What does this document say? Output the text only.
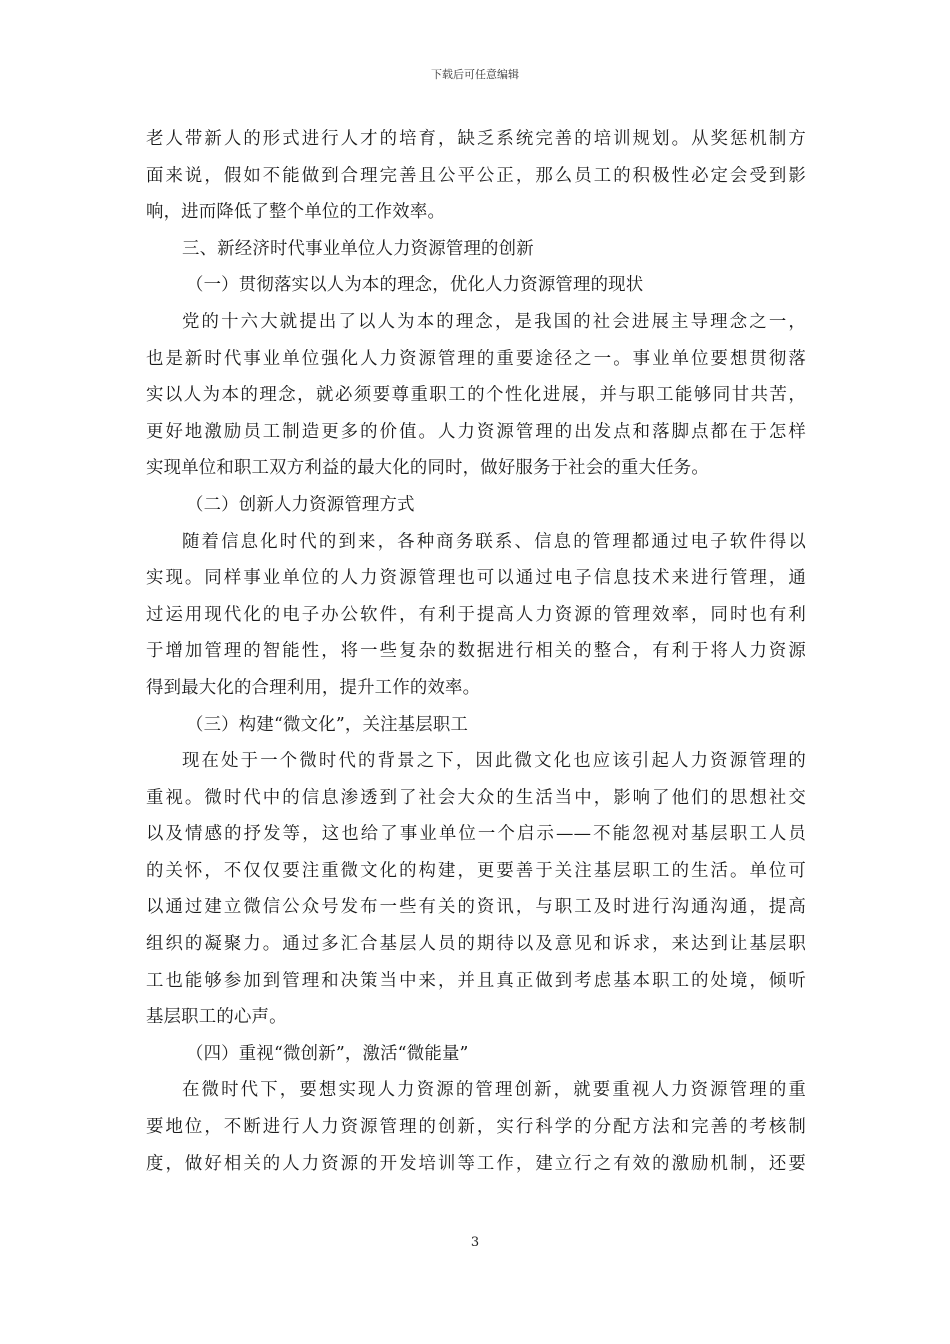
下载后可任意编辑
老人带新人的形式进行人才的培育，缺乏系统完善的培训规划。从奖惩机制方
面来说，假如不能做到合理完善且公平公正，那么员工的积极性必定会受到影
响，进而降低了整个单位的工作效率。
三、新经济时代事业单位人力资源管理的创新
（一）贯彻落实以人为本的理念，优化人力资源管理的现状
党的十六大就提出了以人为本的理念，是我国的社会进展主导理念之一，
也是新时代事业单位强化人力资源管理的重要途径之一。事业单位要想贯彻落
实以人为本的理念，就必须要尊重职工的个性化进展，并与职工能够同甘共苦，
更好地激励员工制造更多的价值。人力资源管理的出发点和落脚点都在于怎样
实现单位和职工双方利益的最大化的同时，做好服务于社会的重大任务。
（二）创新人力资源管理方式
随着信息化时代的到来，各种商务联系、信息的管理都通过电子软件得以
实现。同样事业单位的人力资源管理也可以通过电子信息技术来进行管理，通
过运用现代化的电子办公软件，有利于提高人力资源的管理效率，同时也有利
于增加管理的智能性，将一些复杂的数据进行相关的整合，有利于将人力资源
得到最大化的合理利用，提升工作的效率。
（三）构建“微文化”，关注基层职工
现在处于一个微时代的背景之下，因此微文化也应该引起人力资源管理的
重视。微时代中的信息渗透到了社会大众的生活当中，影响了他们的思想社交
以及情感的抒发等，这也给了事业单位一个启示——不能忽视对基层职工人员
的关怀，不仅仅要注重微文化的构建，更要善于关注基层职工的生活。单位可
以通过建立微信公众号发布一些有关的资讯，与职工及时进行沟通沟通，提高
组织的凝聚力。通过多汇合基层人员的期待以及意见和诉求，来达到让基层职
工也能够参加到管理和决策当中来，并且真正做到考虑基本职工的处境，倾听
基层职工的心声。
（四）重视“微创新”，激活“微能量”
在微时代下，要想实现人力资源的管理创新，就要重视人力资源管理的重
要地位，不断进行人力资源管理的创新，实行科学的分配方法和完善的考核制
度，做好相关的人力资源的开发培训等工作，建立行之有效的激励机制，还要
3
